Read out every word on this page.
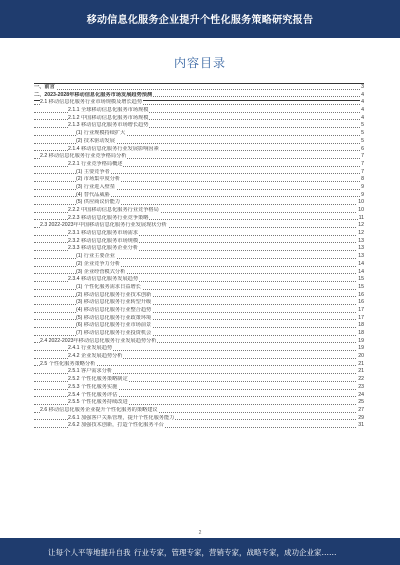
移动信息化服务企业提升个性化服务策略研究报告
内容目录
一、前言	3
二、2023-2028年移动信息化服务市场发展趋势预测	4
2.1 移动信息化服务行业市场规模及增长趋势	4
2.1.1 全球移动信息化服务市场规模	4
2.1.2 中国移动信息化服务市场规模	4
2.1.3 移动信息化服务市场增长趋势	5
(1) 行业规模持续扩大	5
(2) 技术驱动发展	5
2.1.4 移动信息化服务行业发展影响因素	6
2.2 移动信息化服务行业竞争格局分析	7
2.2.1 行业竞争格局概述	7
(1) 主要竞争者	7
(2) 市场集中度分析	8
(3) 行业进入壁垒	9
(4) 替代品威胁	9
(5) 供应商议价能力	10
2.2.2 中国移动信息化服务行业竞争格局	10
2.2.3 移动信息化服务行业竞争策略	11
2.3 2022-2023年中国移动信息化服务行业发展现状分析	12
2.3.1 移动信息化服务市场需求	12
2.3.2 移动信息化服务市场规模	13
2.3.3 移动信息化服务企业分析	13
(1) 行业主要企业	13
(2) 企业竞争力分析	14
(3) 企业经营模式分析	14
2.3.4 移动信息化服务发展趋势	15
(1) 个性化服务需求日益增长	15
(2) 移动信息化服务行业技术创新	16
(3) 移动信息化服务行业转型升级	16
(4) 移动信息化服务行业整合趋势	17
(5) 移动信息化服务行业政策环境	17
(6) 移动信息化服务行业市场前景	18
(7) 移动信息化服务行业投资机会	18
2.4 2022-2023年移动信息化服务行业发展趋势分析	19
2.4.1 行业发展趋势	19
2.4.2 企业发展趋势分析	20
2.5 个性化服务策略分析	21
2.5.1 客户需求分析	21
2.5.2 个性化服务策略制定	22
2.5.3 个性化服务实施	23
2.5.4 个性化服务评估	24
2.5.5 个性化服务持续改进	25
2.6 移动信息化服务企业提升个性化服务的策略建议	27
2.6.1 加强客户关系管理，提升个性化服务能力	29
2.6.2 加强技术创新，打造个性化服务平台	31
2
让每个人平等地提升自我 行业专家，管理专家，营销专家，战略专家，成功企业家……
